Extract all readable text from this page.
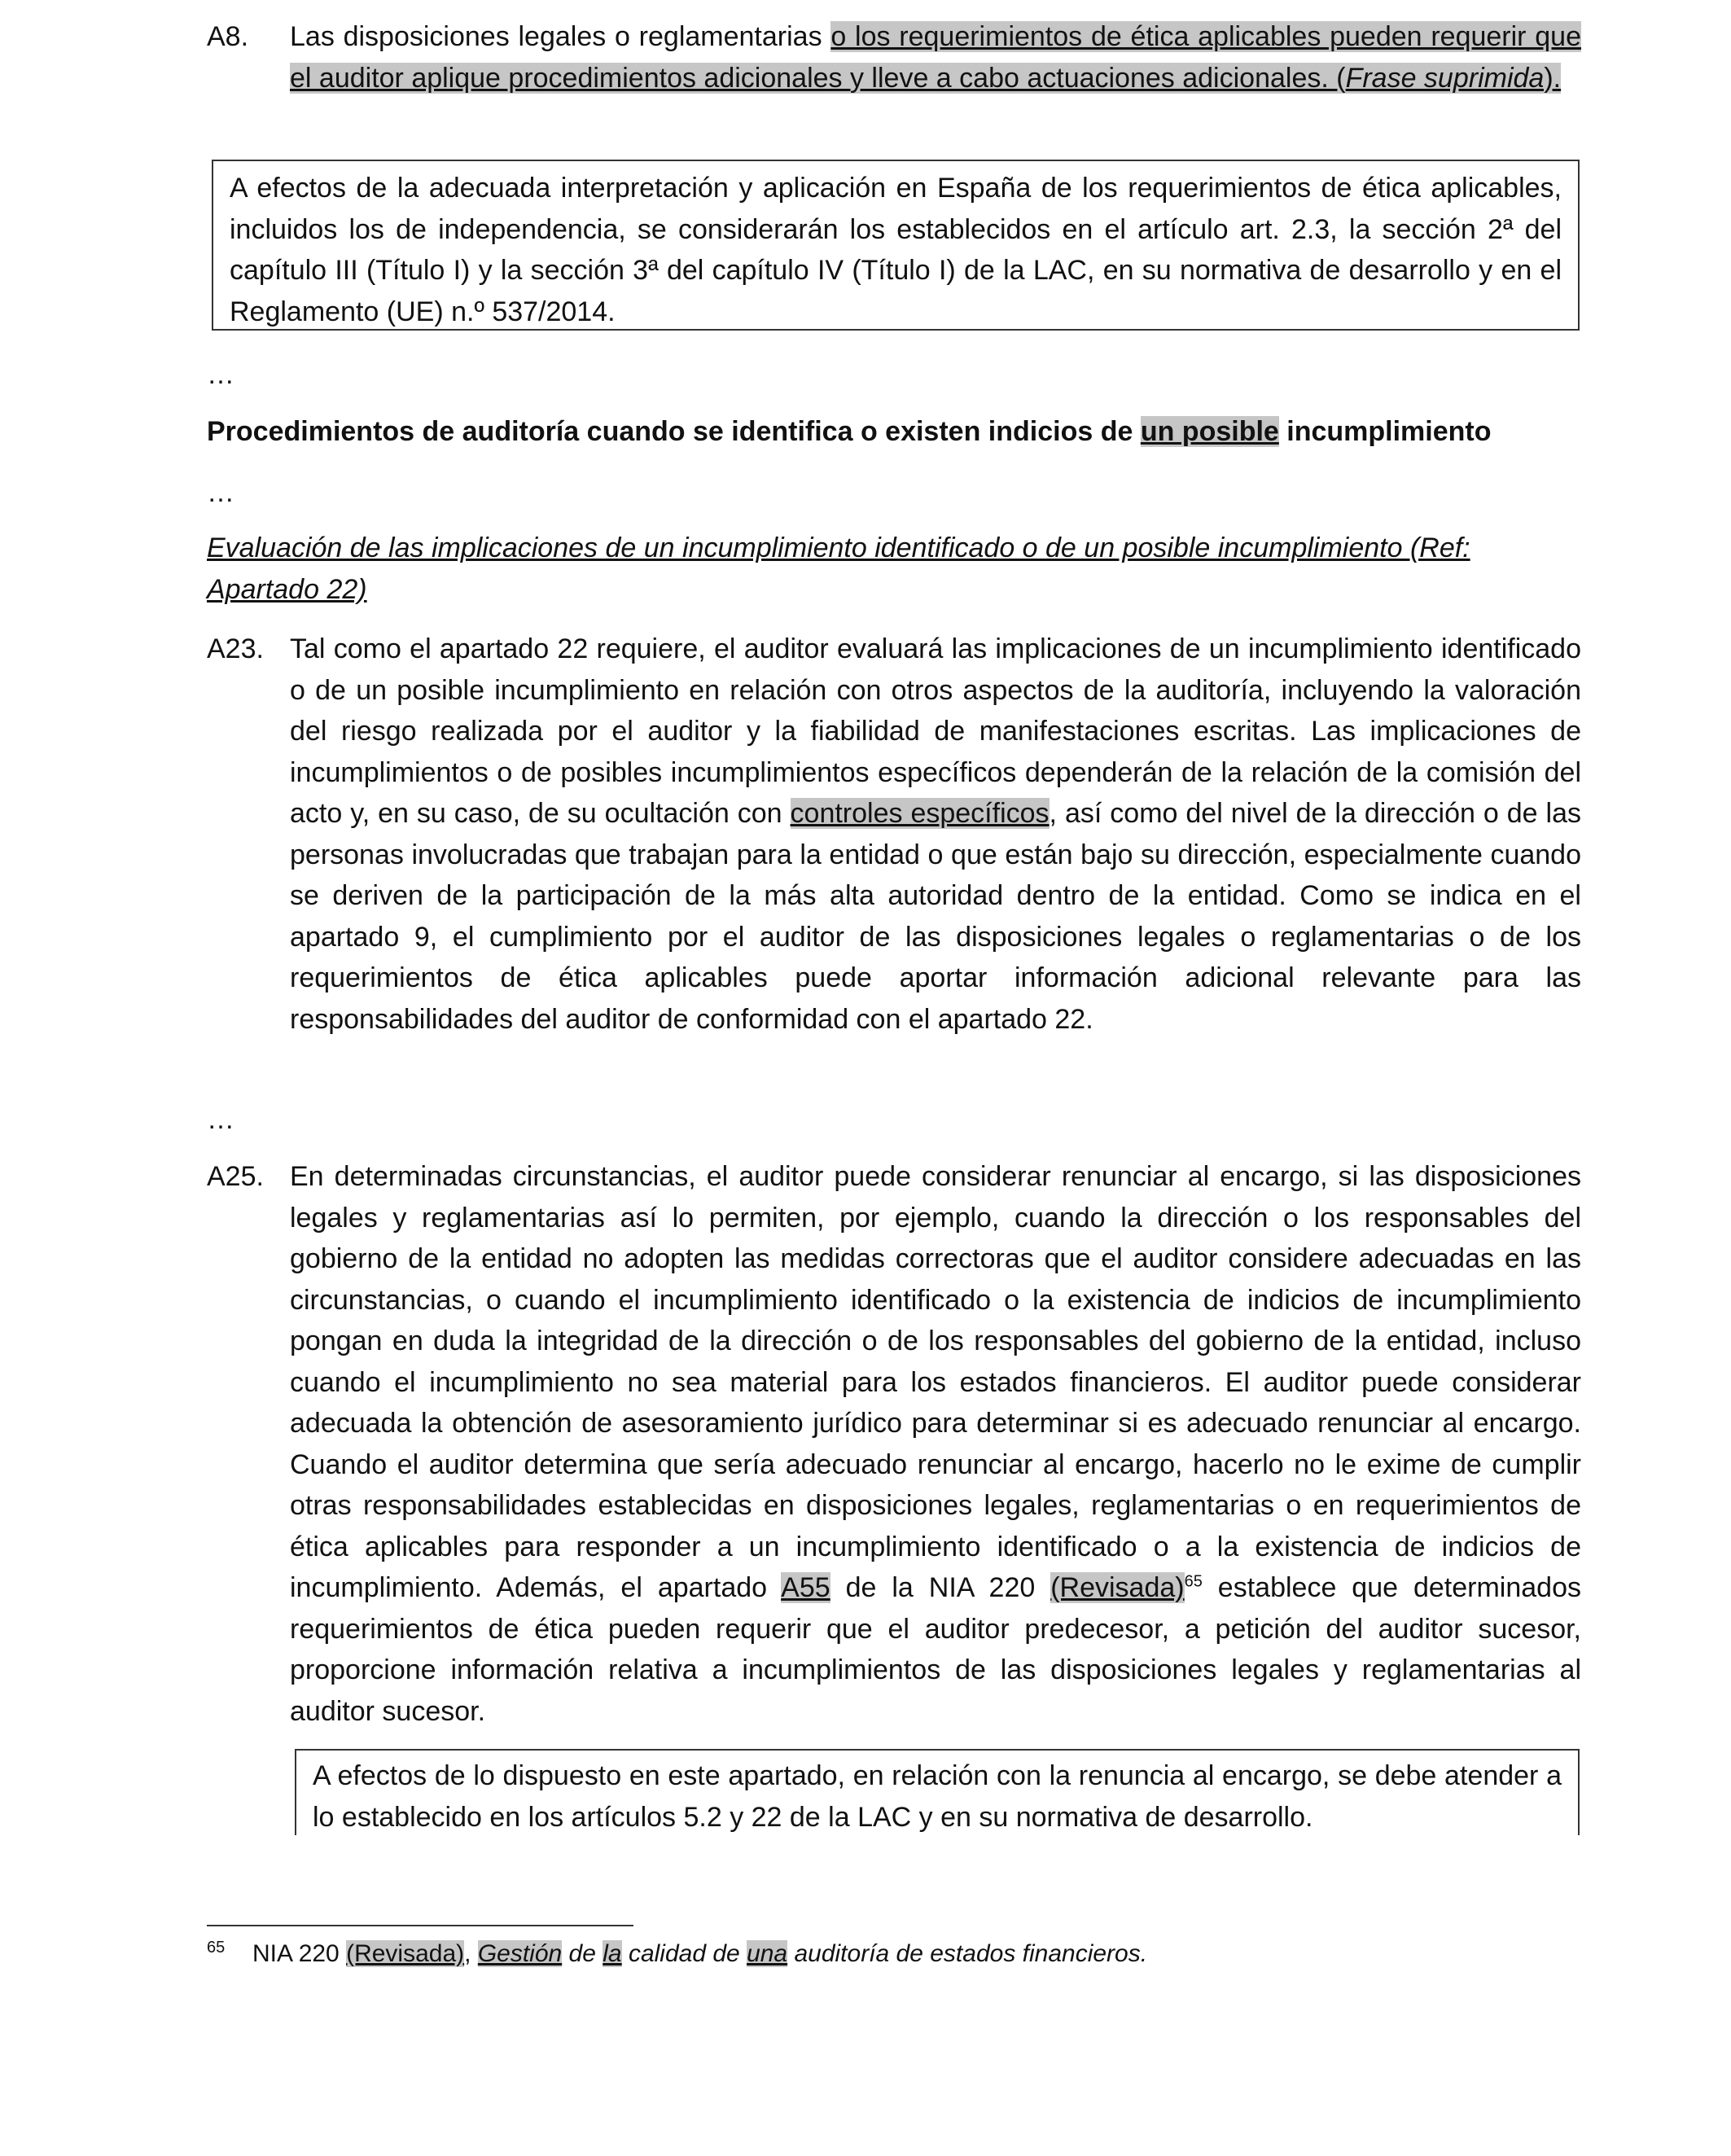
A8. Las disposiciones legales o reglamentarias o los requerimientos de ética aplicables pueden requerir que el auditor aplique procedimientos adicionales y lleve a cabo actuaciones adicionales. (Frase suprimida).
A efectos de la adecuada interpretación y aplicación en España de los requerimientos de ética aplicables, incluidos los de independencia, se considerarán los establecidos en el artículo art. 2.3, la sección 2ª del capítulo III (Título I) y la sección 3ª del capítulo IV (Título I) de la LAC, en su normativa de desarrollo y en el Reglamento (UE) n.º 537/2014.
…
Procedimientos de auditoría cuando se identifica o existen indicios de un posible incumplimiento
…
Evaluación de las implicaciones de un incumplimiento identificado o de un posible incumplimiento (Ref: Apartado 22)
A23. Tal como el apartado 22 requiere, el auditor evaluará las implicaciones de un incumplimiento identificado o de un posible incumplimiento en relación con otros aspectos de la auditoría, incluyendo la valoración del riesgo realizada por el auditor y la fiabilidad de manifestaciones escritas. Las implicaciones de incumplimientos o de posibles incumplimientos específicos dependerán de la relación de la comisión del acto y, en su caso, de su ocultación con controles específicos, así como del nivel de la dirección o de las personas involucradas que trabajan para la entidad o que están bajo su dirección, especialmente cuando se deriven de la participación de la más alta autoridad dentro de la entidad. Como se indica en el apartado 9, el cumplimiento por el auditor de las disposiciones legales o reglamentarias o de los requerimientos de ética aplicables puede aportar información adicional relevante para las responsabilidades del auditor de conformidad con el apartado 22.
…
A25. En determinadas circunstancias, el auditor puede considerar renunciar al encargo, si las disposiciones legales y reglamentarias así lo permiten, por ejemplo, cuando la dirección o los responsables del gobierno de la entidad no adopten las medidas correctoras que el auditor considere adecuadas en las circunstancias, o cuando el incumplimiento identificado o la existencia de indicios de incumplimiento pongan en duda la integridad de la dirección o de los responsables del gobierno de la entidad, incluso cuando el incumplimiento no sea material para los estados financieros. El auditor puede considerar adecuada la obtención de asesoramiento jurídico para determinar si es adecuado renunciar al encargo. Cuando el auditor determina que sería adecuado renunciar al encargo, hacerlo no le exime de cumplir otras responsabilidades establecidas en disposiciones legales, reglamentarias o en requerimientos de ética aplicables para responder a un incumplimiento identificado o a la existencia de indicios de incumplimiento. Además, el apartado A55 de la NIA 220 (Revisada)$^{65}$ establece que determinados requerimientos de ética pueden requerir que el auditor predecesor, a petición del auditor sucesor, proporcione información relativa a incumplimientos de las disposiciones legales y reglamentarias al auditor sucesor.
A efectos de lo dispuesto en este apartado, en relación con la renuncia al encargo, se debe atender a lo establecido en los artículos 5.2 y 22 de la LAC y en su normativa de desarrollo.
65 NIA 220 (Revisada), Gestión de la calidad de una auditoría de estados financieros.
